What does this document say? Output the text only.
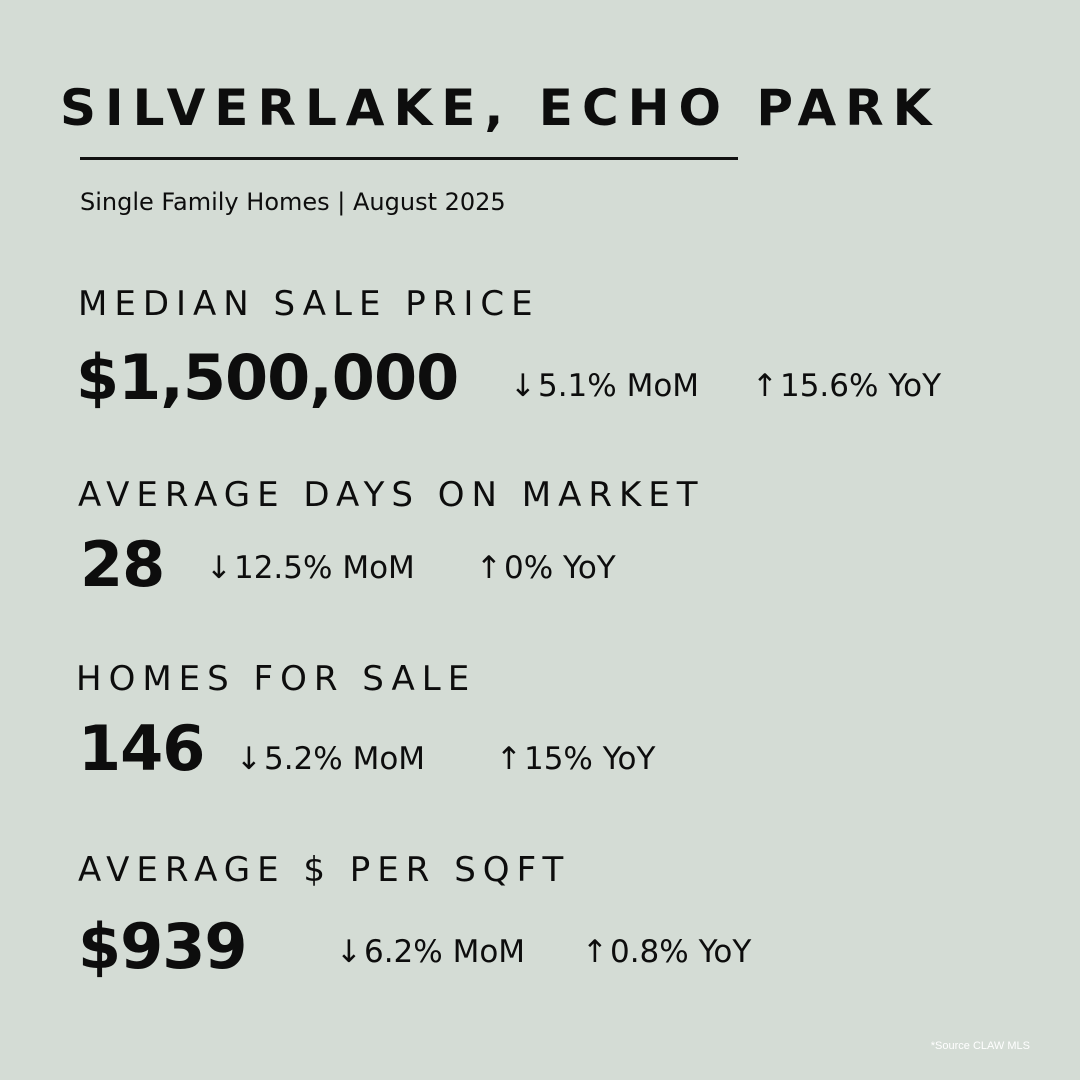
SILVERLAKE, ECHO PARK
Single Family Homes | August 2025
MEDIAN SALE PRICE
$1,500,000 ↓5.1% MoM ↑15.6% YoY
AVERAGE DAYS ON MARKET
28 ↓12.5% MoM ↑0% YoY
HOMES FOR SALE
146 ↓5.2% MoM ↑15% YoY
AVERAGE $ PER SQFT
$939	↓6.2% MoM ↑0.8% YoY
*Source CLAW MLS
